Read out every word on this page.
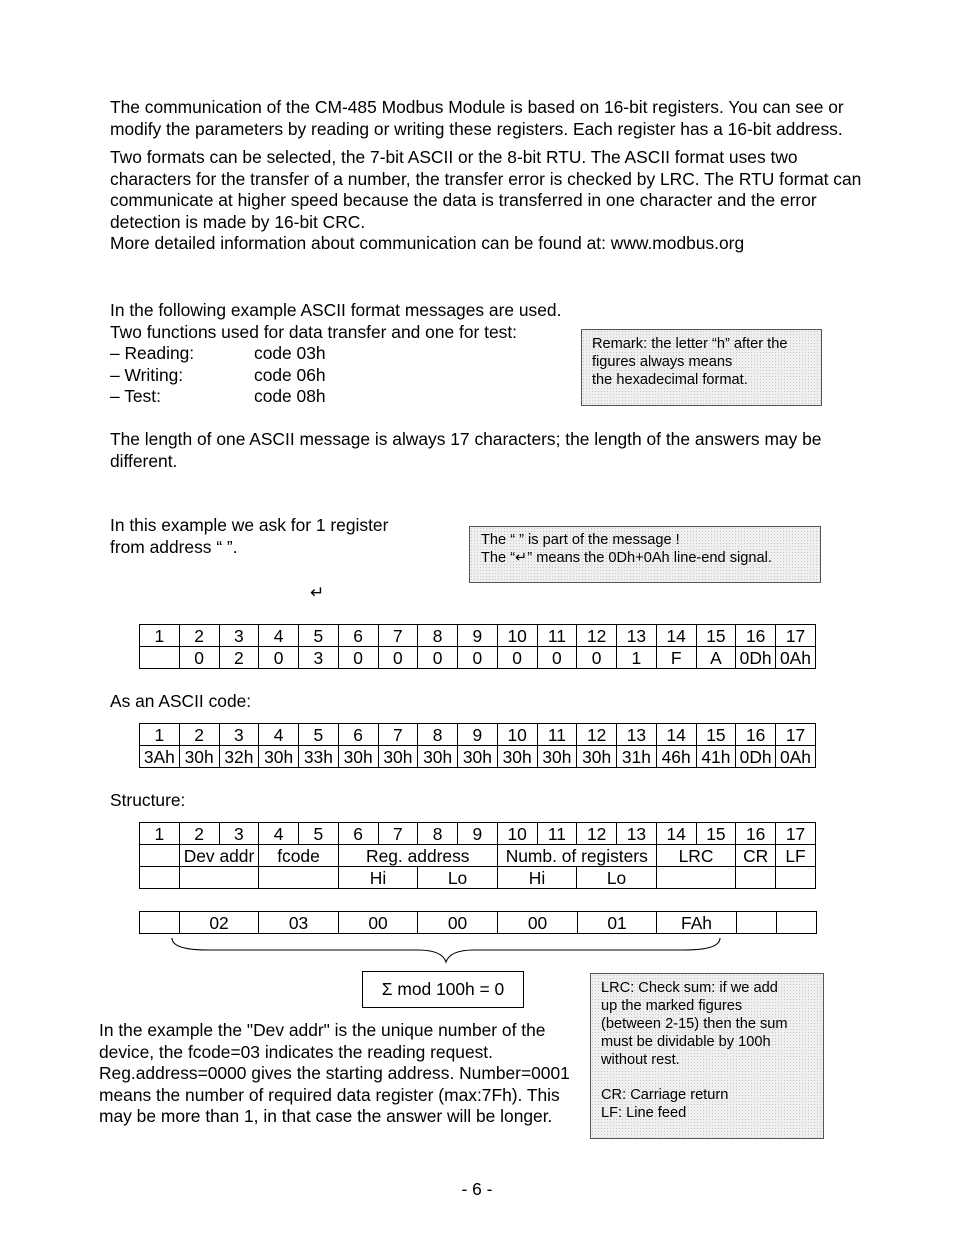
The communication of the CM-485 Modbus Module is based on 16-bit registers. You can see or modify the parameters by reading or writing these registers. Each register has a 16-bit address.

Two formats can be selected, the 7-bit ASCII or the 8-bit RTU. The ASCII format uses two characters for the transfer of a number, the transfer error is checked by LRC. The RTU format can communicate at higher speed because the data is transferred in one character and the error detection is made by 16-bit CRC.

More detailed information about communication can be found at: www.modbus.org

In the following example ASCII format messages are used.
Two functions used for data transfer and one for test:
– Reading:	code 03h
– Writing:	code 06h
– Test:	code 08h
Remark: the letter “h” after the
figures always means
the hexadecimal format.
The length of one ASCII message is always 17 characters; the length of the answers may be different.
In this example we ask for 1 register
from address “ ”.	The “ ” is part of the message !
The “↵” means the 0Dh+0Ah line-end signal.
↵
1	2	3	4	5	6	7	8	9	10	11	12	13	14	15	16	17
	0	2	0	3	0	0	0	0	0	0	0	1	F	A	0Dh	0Ah
As an ASCII code:
1	2	3	4	5	6	7	8	9	10	11	12	13	14	15	16	17
3Ah	30h	32h	30h	33h	30h	30h	30h	30h	30h	30h	30h	31h	46h	41h	0Dh	0Ah
Structure:
1	2	3	4	5	6	7	8	9	10	11	12	13	14	15	16	17
	Dev addr		fcode		Reg. address				Numb. of registers				LRC		CR	LF
					Hi		Lo		Hi		Lo					
	02	03	00	00	00	01	FAh		
Σ mod 100h = 0	LRC: Check sum: if we add
up the marked figures
(between 2-15) then the sum
must be dividable by 100h
without rest.
CR: Carriage return
LF: Line feed
In the example the "Dev addr" is the unique number of the device, the fcode=03 indicates the reading request. Reg.address=0000 gives the starting address. Number=0001 means the number of required data register (max:7Fh). This may be more than 1, in that case the answer will be longer.
- 6 -
